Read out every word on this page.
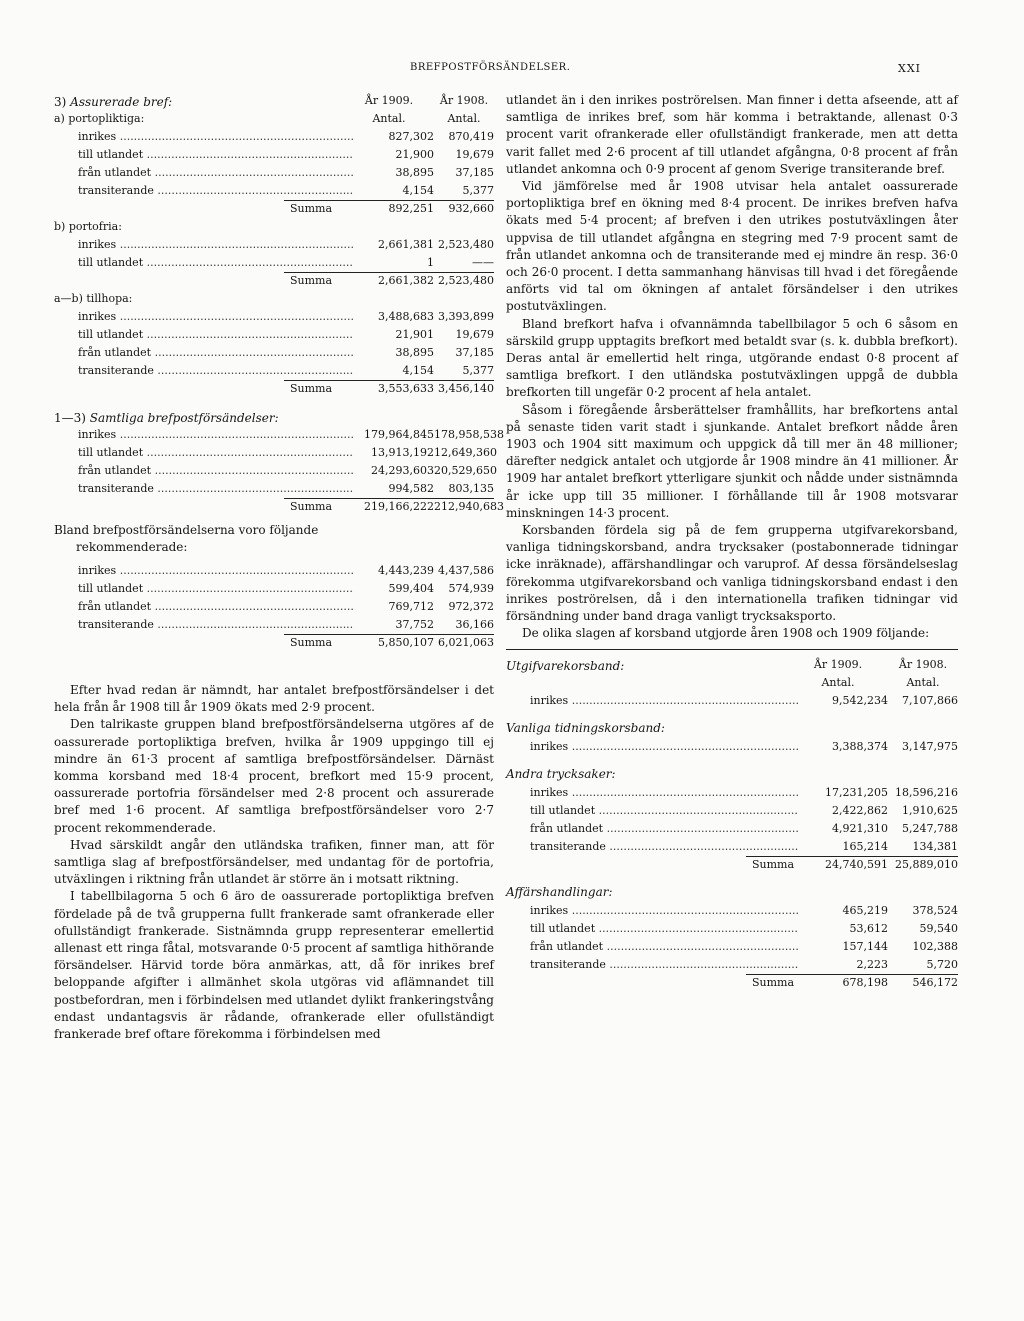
BREFPOSTFÖRSÄNDELSER.	XXI
3) Assurerade bref:	År 1909.	År 1908.
a) portopliktiga:	Antal.	Antal.
inrikes .....	827,302	870,419
till utlandet .....	21,900	19,679
från utlandet .....	38,895	37,185
transiterande .....	4,154	5,377
Summa	892,251	932,660
b) portofria:
inrikes .....	2,661,381 2,523,480
till utlandet .....	1	——
Summa	2,661,382 2,523,480
a—b) tillhopa:
inrikes .....	3,488,683 3,393,899
till utlandet .....	21,901	19,679
från utlandet .....	38,895	37,185
transiterande .....	4,154	5,377
Summa	3,553,633 3,456,140
1—3) Samtliga brefpostförsändelser:
inrikes .....	179,964,845 178,958,538
till utlandet .....	13,913,192 12,649,360
från utlandet .....	24,293,603 20,529,650
transiterande .....	994,582	803,135
Summa	219,166,222 212,940,683
Bland brefpostförsändelserna voro följande
rekommenderade:
inrikes .....	4,443,239 4,437,586
till utlandet .....	599,404	574,939
från utlandet .....	769,712	972,372
transiterande .....	37,752	36,166
Summa	5,850,107 6,021,063

Efter hvad redan är nämndt, har antalet brefpostförsändelser i det hela från år 1908 till år 1909 ökats med 2·9 procent.

Den talrikaste gruppen bland brefpostförsändelserna utgöres af de oassurerade portopliktiga brefven, hvilka år 1909 uppgingo till ej mindre än 61·3 procent af samtliga brefpostförsändelser. Därnäst komma korsband med 18·4 procent, brefkort med 15·9 procent, oassurerade portofria försändelser med 2·8 procent och assurerade bref med 1·6 procent. Af samtliga brefpostförsändelser voro 2·7 procent rekommenderade.

Hvad särskildt angår den utländska trafiken, finner man, att för samtliga slag af brefpostförsändelser, med undantag för de portofria, utväxlingen i riktning från utlandet är större än i motsatt riktning.

I tabellbilagorna 5 och 6 äro de oassurerade portopliktiga brefven fördelade på de två grupperna fullt frankerade samt ofrankerade eller ofullständigt frankerade. Sistnämnda grupp representerar emellertid allenast ett ringa fåtal, motsvarande 0·5 procent af samtliga hithörande försändelser. Härvid torde böra anmärkas, att, då för inrikes bref beloppande afgifter i allmänhet skola utgöras vid aflämnandet till postbefordran, men i förbindelsen med utlandet dylikt frankeringstvång endast undantagsvis är rådande, ofrankerade eller ofullständigt frankerade bref oftare förekomma i förbindelsen med

utlandet än i den inrikes poströrelsen. Man finner i detta afseende, att af samtliga de inrikes bref, som här komma i betraktande, allenast 0·3 procent varit ofrankerade eller ofullständigt frankerade, men att detta varit fallet med 2·6 procent af till utlandet afgångna, 0·8 procent af från utlandet ankomna och 0·9 procent af genom Sverige transiterande bref.

Vid jämförelse med år 1908 utvisar hela antalet oassurerade portopliktiga bref en ökning med 8·4 procent. De inrikes brefven hafva ökats med 5·4 procent; af brefven i den utrikes postutväxlingen åter uppvisa de till utlandet afgångna en stegring med 7·9 procent samt de från utlandet ankomna och de transiterande med ej mindre än resp. 36·0 och 26·0 procent. I detta sammanhang hänvisas till hvad i det föregående anförts vid tal om ökningen af antalet försändelser i den utrikes postutväxlingen.

Bland brefkort hafva i ofvannämnda tabellbilagor 5 och 6 såsom en särskild grupp upptagits brefkort med betaldt svar (s. k. dubbla brefkort). Deras antal är emellertid helt ringa, utgörande endast 0·8 procent af samtliga brefkort. I den utländska postutväxlingen uppgå de dubbla brefkorten till ungefär 0·2 procent af hela antalet.

Såsom i föregående årsberättelser framhållits, har brefkortens antal på senaste tiden varit stadt i sjunkande. Antalet brefkort nådde åren 1903 och 1904 sitt maximum och uppgick då till mer än 48 millioner; därefter nedgick antalet och utgjorde år 1908 mindre än 41 millioner. År 1909 har antalet brefkort ytterligare sjunkit och nådde under sistnämnda år icke upp till 35 millioner. I förhållande till år 1908 motsvarar minskningen 14·3 procent.

Korsbanden fördela sig på de fem grupperna utgifvarekorsband, vanliga tidningskorsband, andra trycksaker (postabonnerade tidningar icke inräknade), affärshandlingar och varuprof. Af dessa försändelseslag förekomma utgifvarekorsband och vanliga tidningskorsband endast i den inrikes poströrelsen, då i den internationella trafiken tidningar vid försändning under band draga vanligt trycksaksporto.

De olika slagen af korsband utgjorde åren 1908 och 1909 följande:

Utgifvarekorsband:	År 1909.	År 1908.
Antal.	Antal.
inrikes .....	9,542,234	7,107,866
Vanliga tidningskorsband:
inrikes .....	3,388,374	3,147,975
Andra trycksaker:
inrikes .....	17,231,205 18,596,216
till utlandet .....	2,422,862	1,910,625
från utlandet .....	4,921,310	5,247,788
transiterande .....	165,214	134,381
Summa	24,740,591 25,889,010
Affärshandlingar:
inrikes .....	465,219	378,524
till utlandet .....	53,612	59,540
från utlandet .....	157,144	102,388
transiterande .....	2,223	5,720
Summa	678,198	546,172
